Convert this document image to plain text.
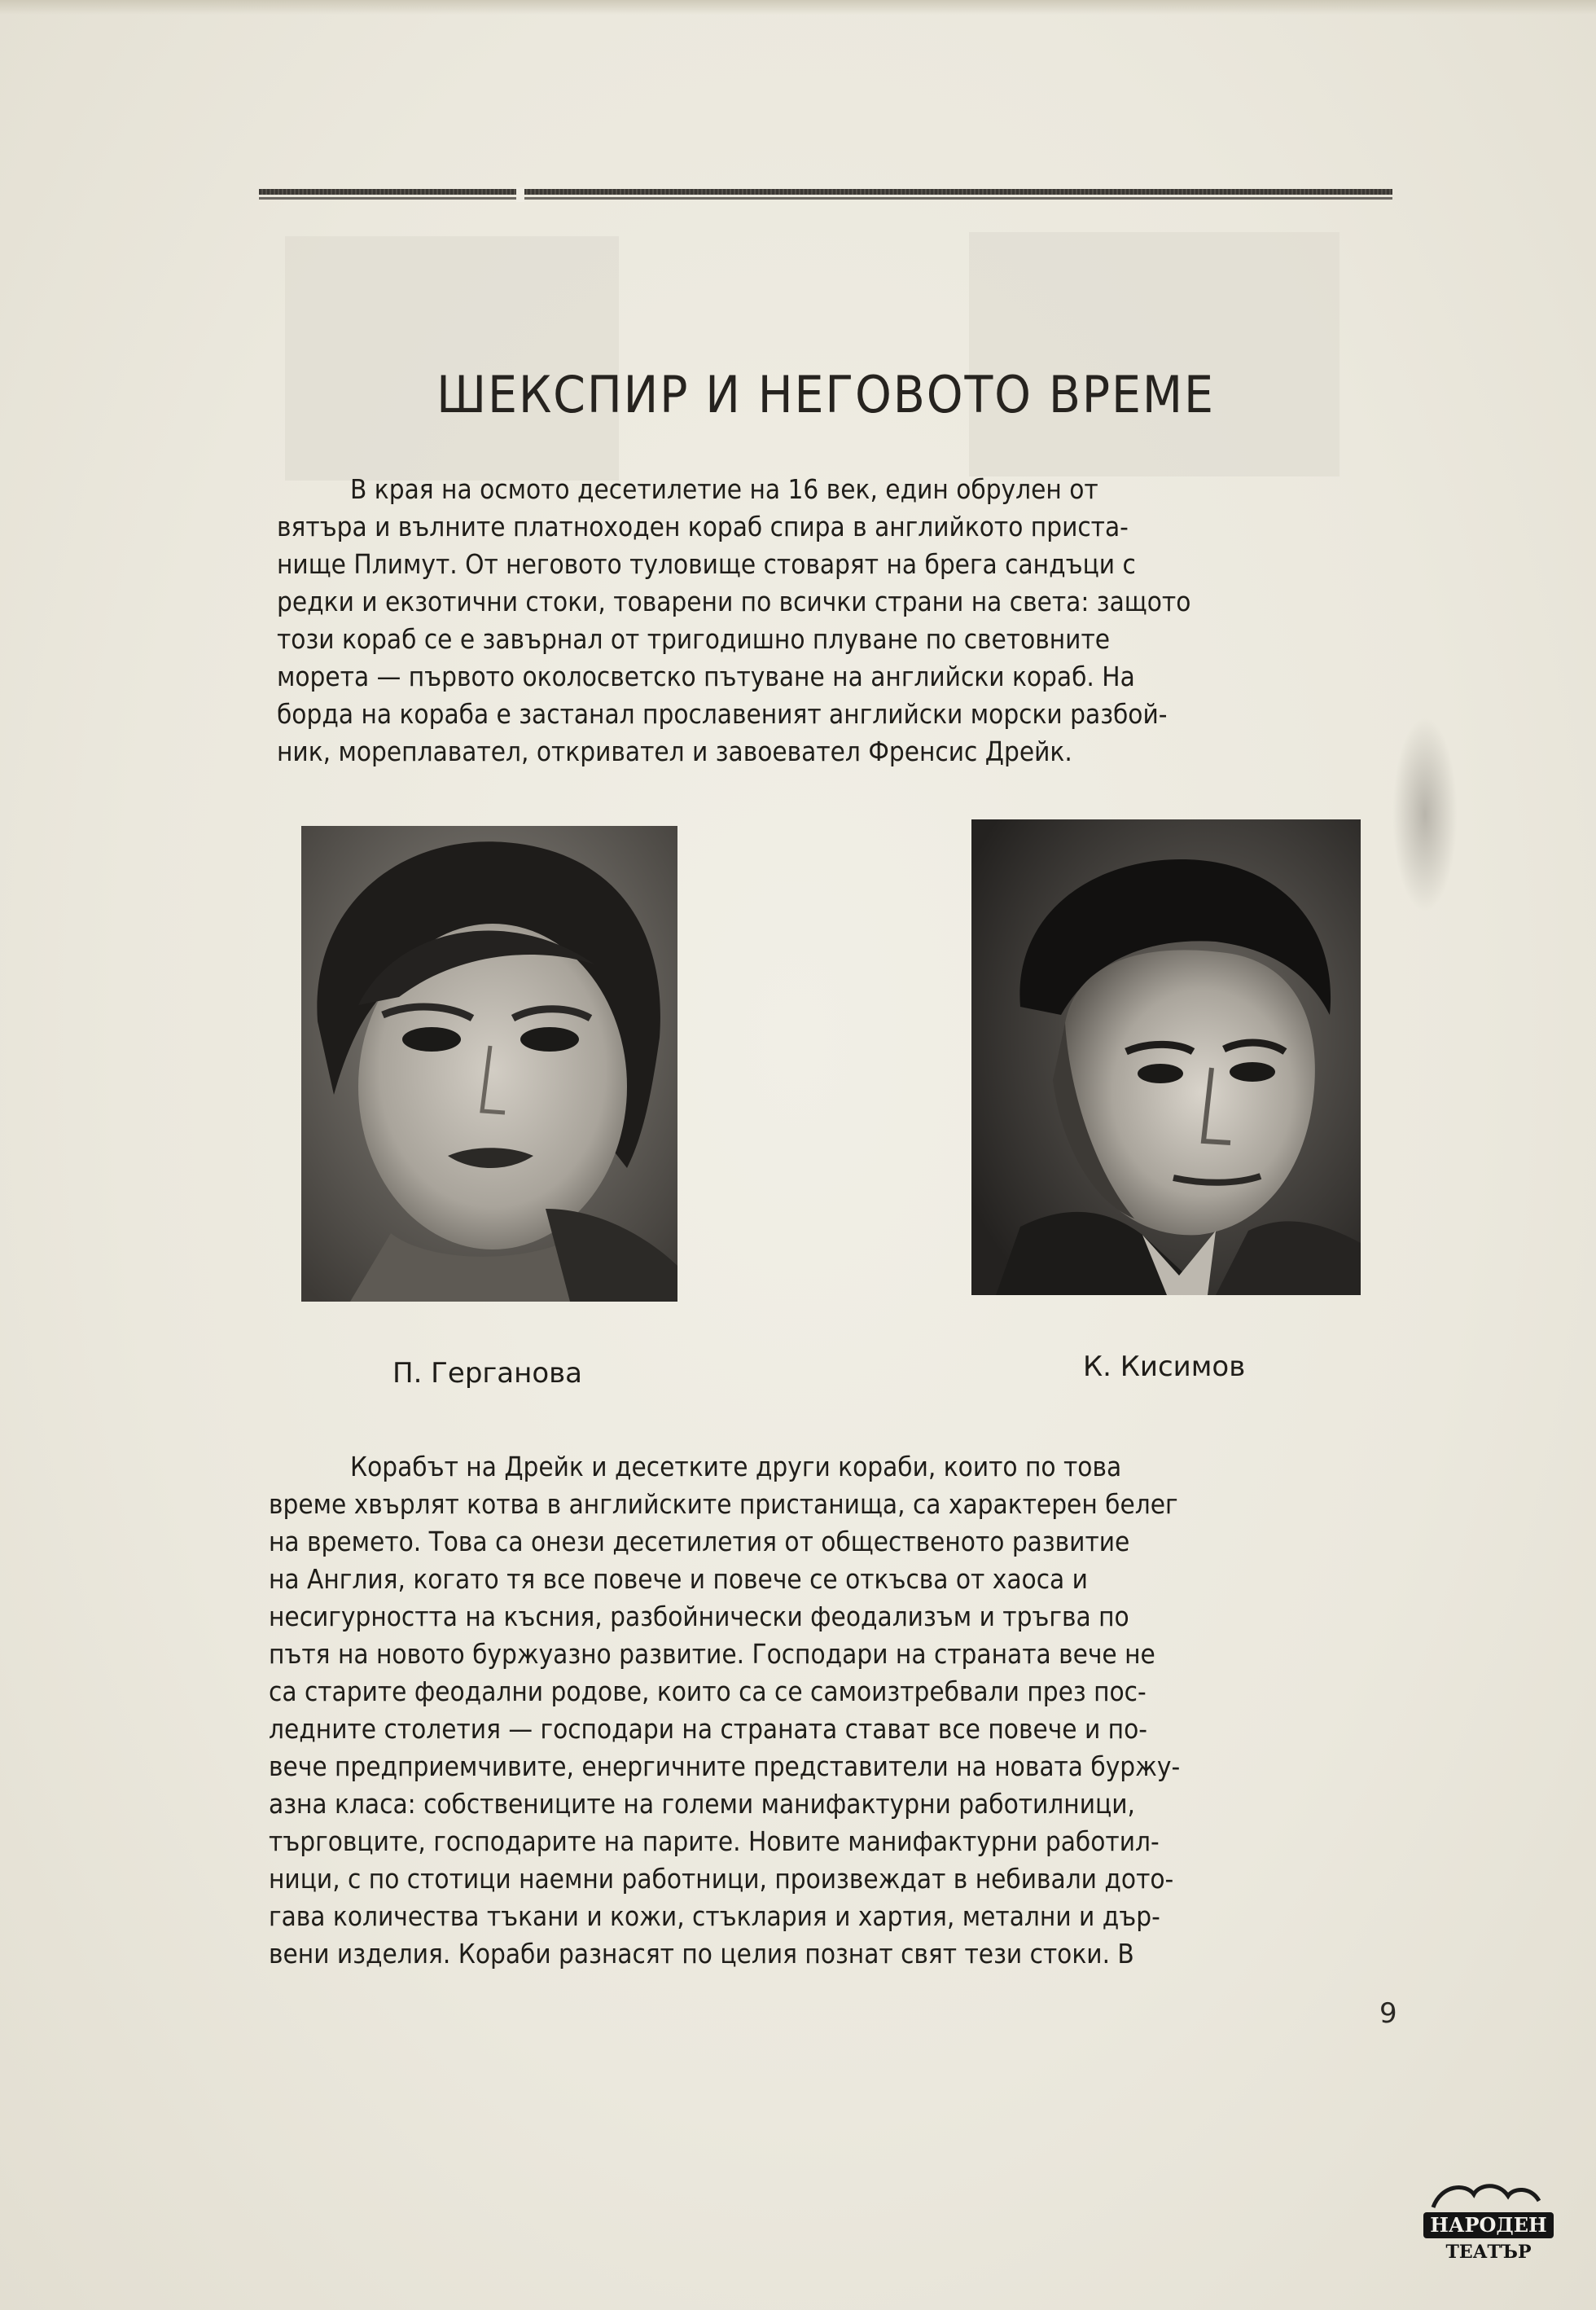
ШЕКСПИР И НЕГОВОТО ВРЕМЕ
В края на осмото десетилетие на 16 век, един обрулен от
вятъра и вълните платноходен кораб спира в английкото приста-
нище Плимут. От неговото туловище стоварят на брега сандъци с
редки и екзотични стоки, товарени по всички страни на света: защото
този кораб се е завърнал от тригодишно плуване по световните
морета — първото околосветско пътуване на английски кораб. На
борда на кораба е застанал прославеният английски морски разбой-
ник, мореплавател, откривател и завоевател Френсис Дрейк.
П. Герганова	К. Кисимов
Корабът на Дрейк и десетките други кораби, които по това
време хвърлят котва в английските пристанища, са характерен белег
на времето. Това са онези десетилетия от общественото развитие
на Англия, когато тя все повече и повече се откъсва от хаоса и
несигурността на късния, разбойнически феодализъм и тръгва по
пътя на новото буржуазно развитие. Господари на страната вече не
са старите феодални родове, които са се самоизтребвали през пос-
ледните столетия — господари на страната стават все повече и по-
вече предприемчивите, енергичните представители на новата буржу-
азна класа: собствениците на големи манифактурни работилници,
търговците, господарите на парите. Новите манифактурни работил-
ници, с по стотици наемни работници, произвеждат в небивали дото-
гава количества тъкани и кожи, стъклария и хартия, метални и дър-
вени изделия. Кораби разнасят по целия познат свят тези стоки. В
9
НАРОДЕН
ТЕАТЪР
